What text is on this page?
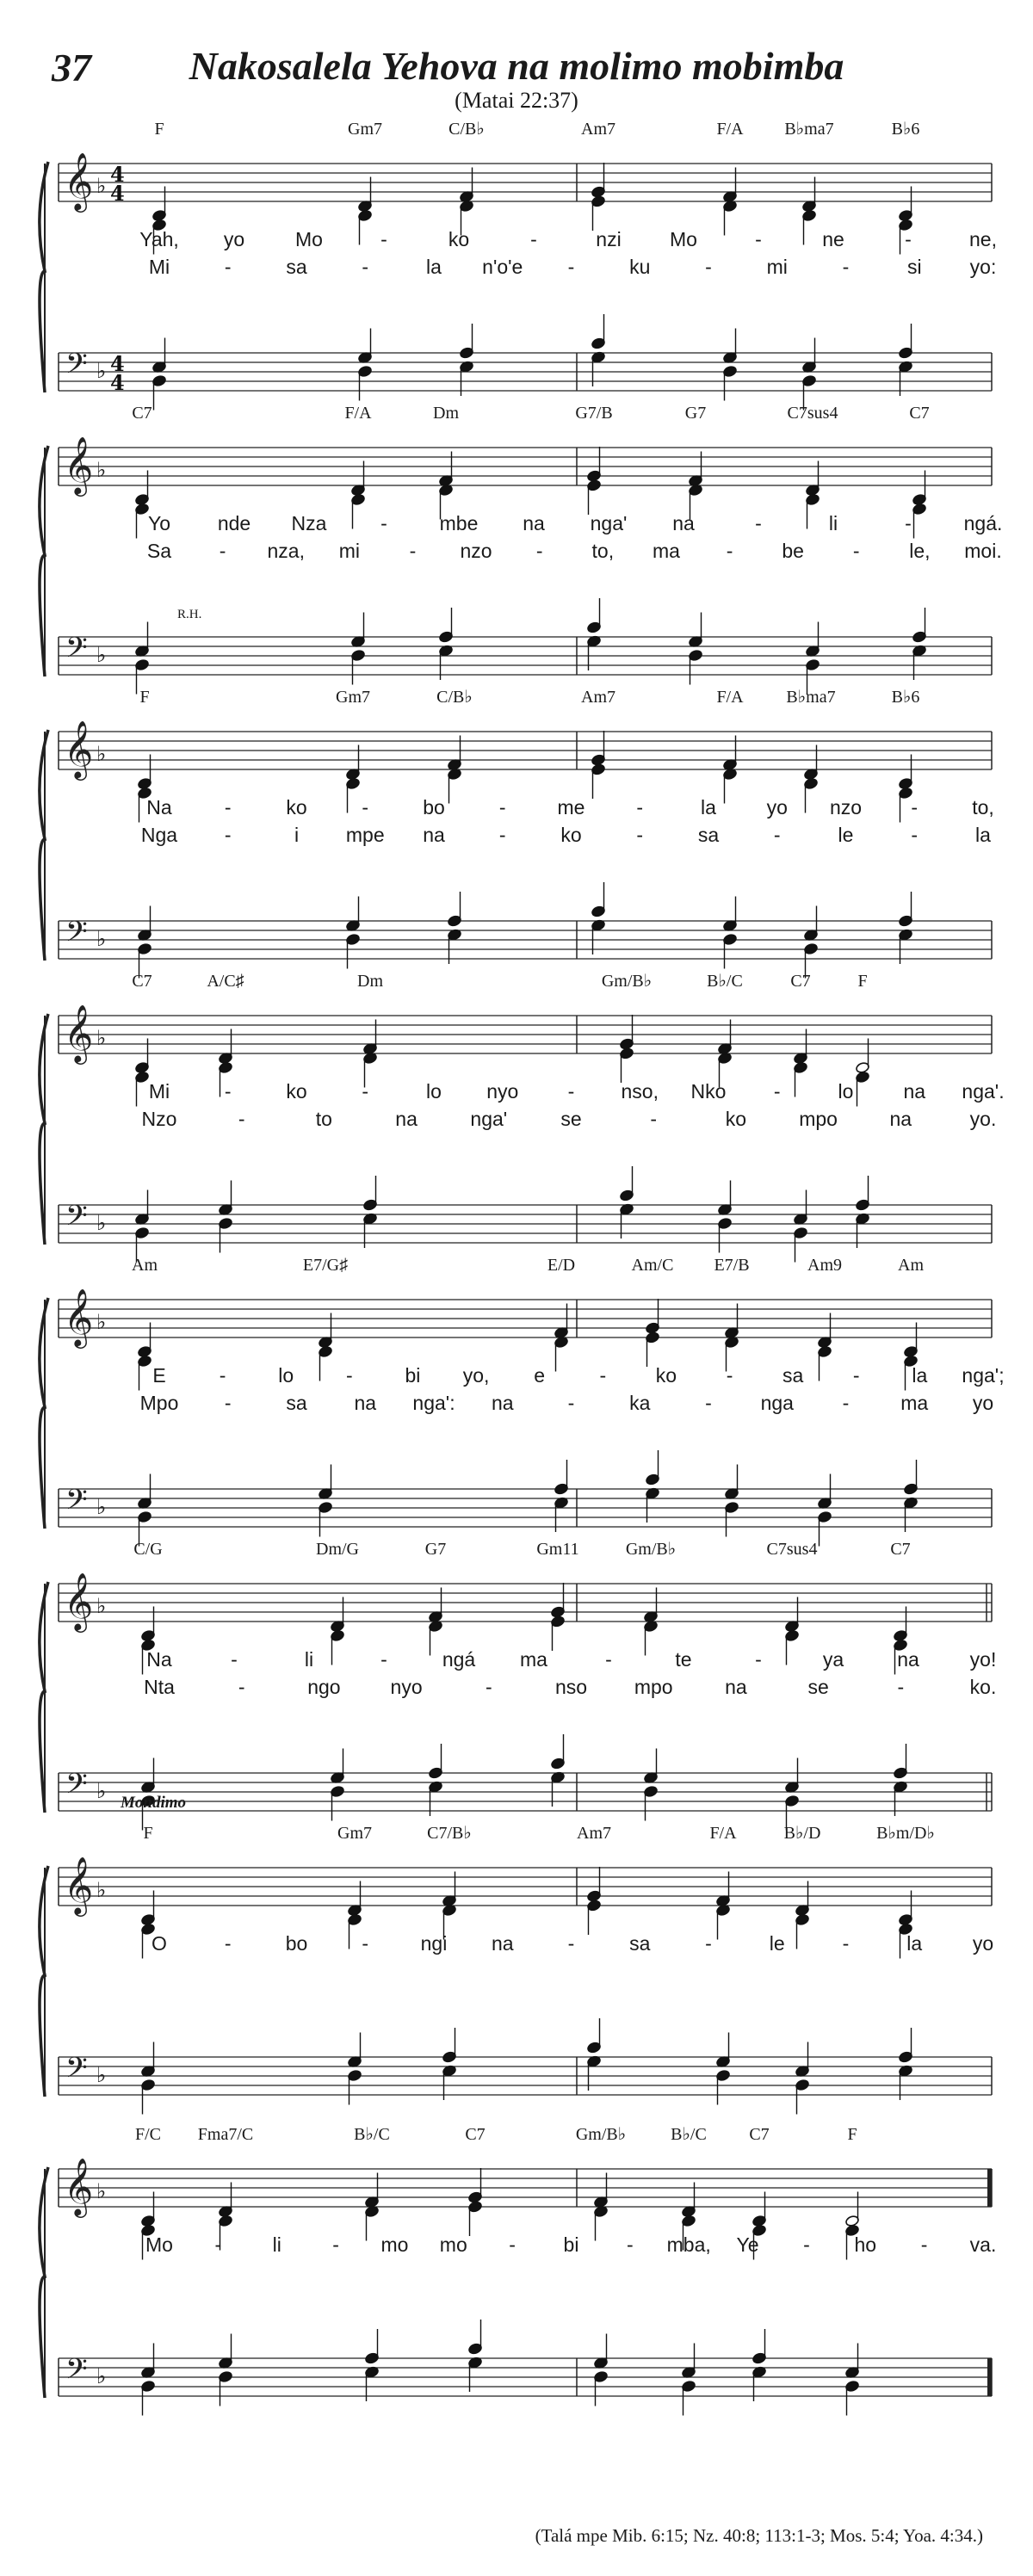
37	Nakosalela Yehova na molimo mobimba
(Matai 22:37)
𝄞
𝄢
♭
♭
4
4
4
4
F	Gm7	C/B♭	Am7	F/A B♭ma7	B♭6
Yah, yo	Mo	-	ko	-	nzi Mo	-	ne	-	ne,
Mi	-	sa	-	la n'o'e -	ku	-	mi	-	si yo:
𝄞
𝄢
♭
♭
C7	F/A	Dm	G7/B	G7	C7sus4	C7
R.H.
Yo nde Nza	-	mbe na nga' na	-	li	-	ngá.
Sa - nza, mi	- nzo - to, ma - be -	le, moi.
𝄞
𝄢
♭
♭
F	Gm7	C/B♭	Am7	F/A B♭ma7	B♭6
Na	-	ko	-	bo	-	me	-	la	yo nzo -	to,
Nga -	i mpe na	-	ko	-	sa	-	le	-	la
𝄞
𝄢
♭
♭
C7	A/C♯	Dm	Gm/B♭	B♭/C	C7	F
Mi	-	ko	-	lo nyo - nso, Nko -	lo	na nga'.
Nzo	-	to	na	nga'	se	-	ko	mpo	na	yo.
𝄞
𝄢
♭
♭
Am	E7/G♯	E/D	Am/C E7/B	Am9	Am
E	-	lo	-	bi yo, e	-	ko	-	sa	-	la nga';
Mpo -	sa na nga': na	-	ka	- nga -	ma yo
𝄞
𝄢
♭
♭
C/G	Dm/G	G7	Gm11	Gm/B♭	C7sus4	C7
Na	-	li	-	ngá ma	-	te	-	ya	na	yo!
Nta	-	ngo	nyo	-	nso mpo	na	se	-	ko.
Mondimo
𝄞
𝄢
♭
♭
F	Gm7	C7/B♭	Am7	F/A	B♭/D	B♭m/D♭
O	-	bo	-	ngi na	-	sa	-	le	-	la	yo
𝄞
𝄢
♭
♭
F/C Fma7/C	B♭/C	C7	Gm/B♭	B♭/C C7	F
Mo -	li	- mo mo - bi - mba, Ye - ho - va.
(Talá mpe Mib. 6:15; Nz. 40:8; 113:1-3; Mos. 5:4; Yoa. 4:34.)
